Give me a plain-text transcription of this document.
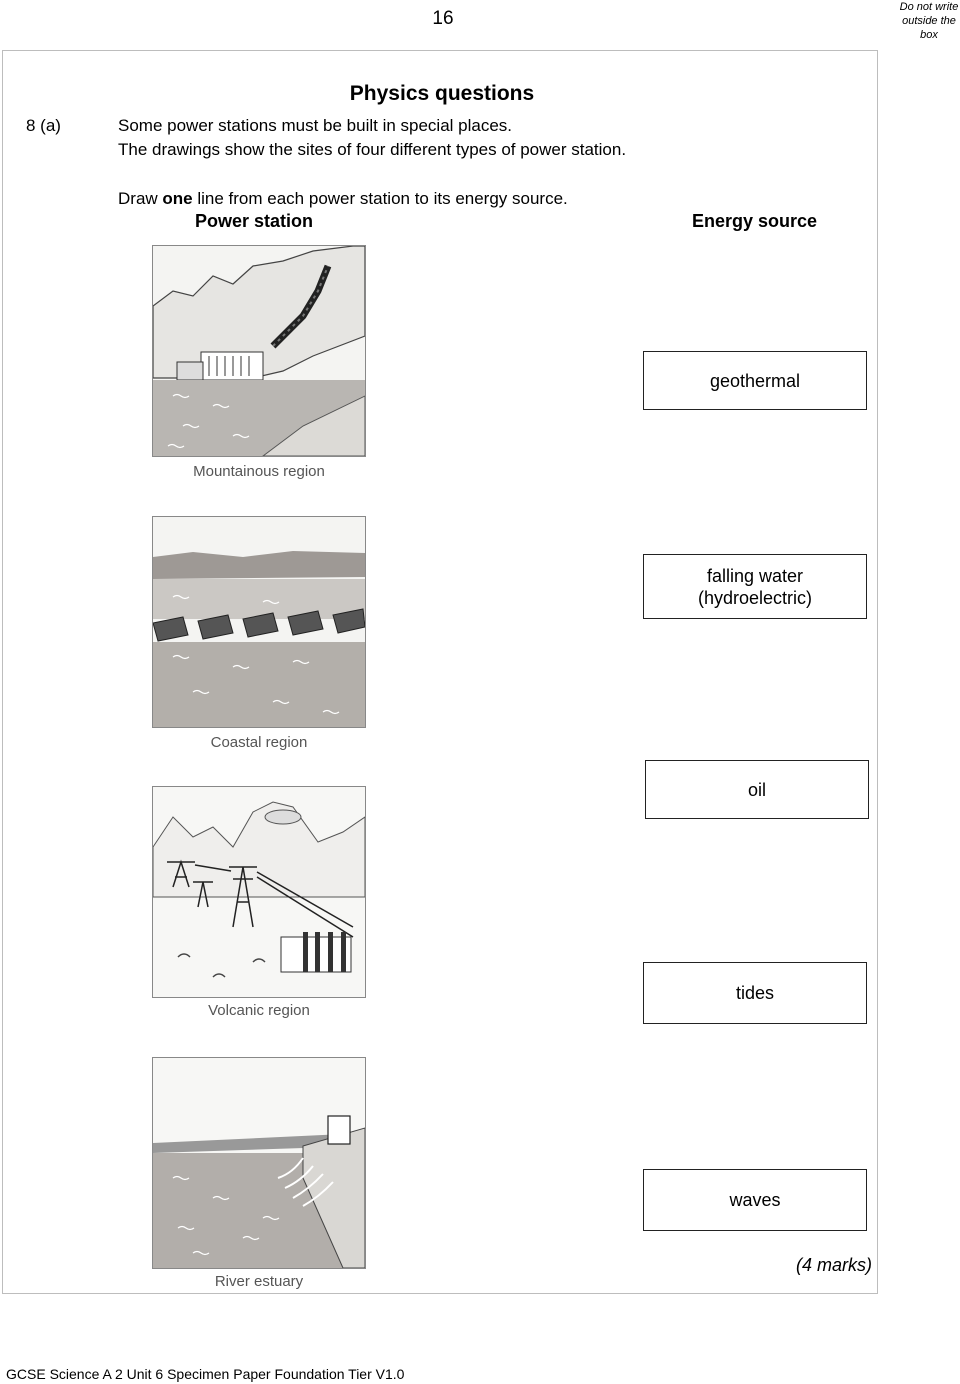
16
Do not write outside the box
Physics questions
8 (a)	Some power stations must be built in special places.
The drawings show the sites of four different types of power station.
Draw one line from each power station to its energy source.
Power station	Energy source
Mountainous region
Coastal region
Volcanic region
River estuary
geothermal
falling water
(hydroelectric)
oil
tides
waves
(4 marks)
GCSE Science A 2 Unit 6 Specimen Paper Foundation Tier V1.0
